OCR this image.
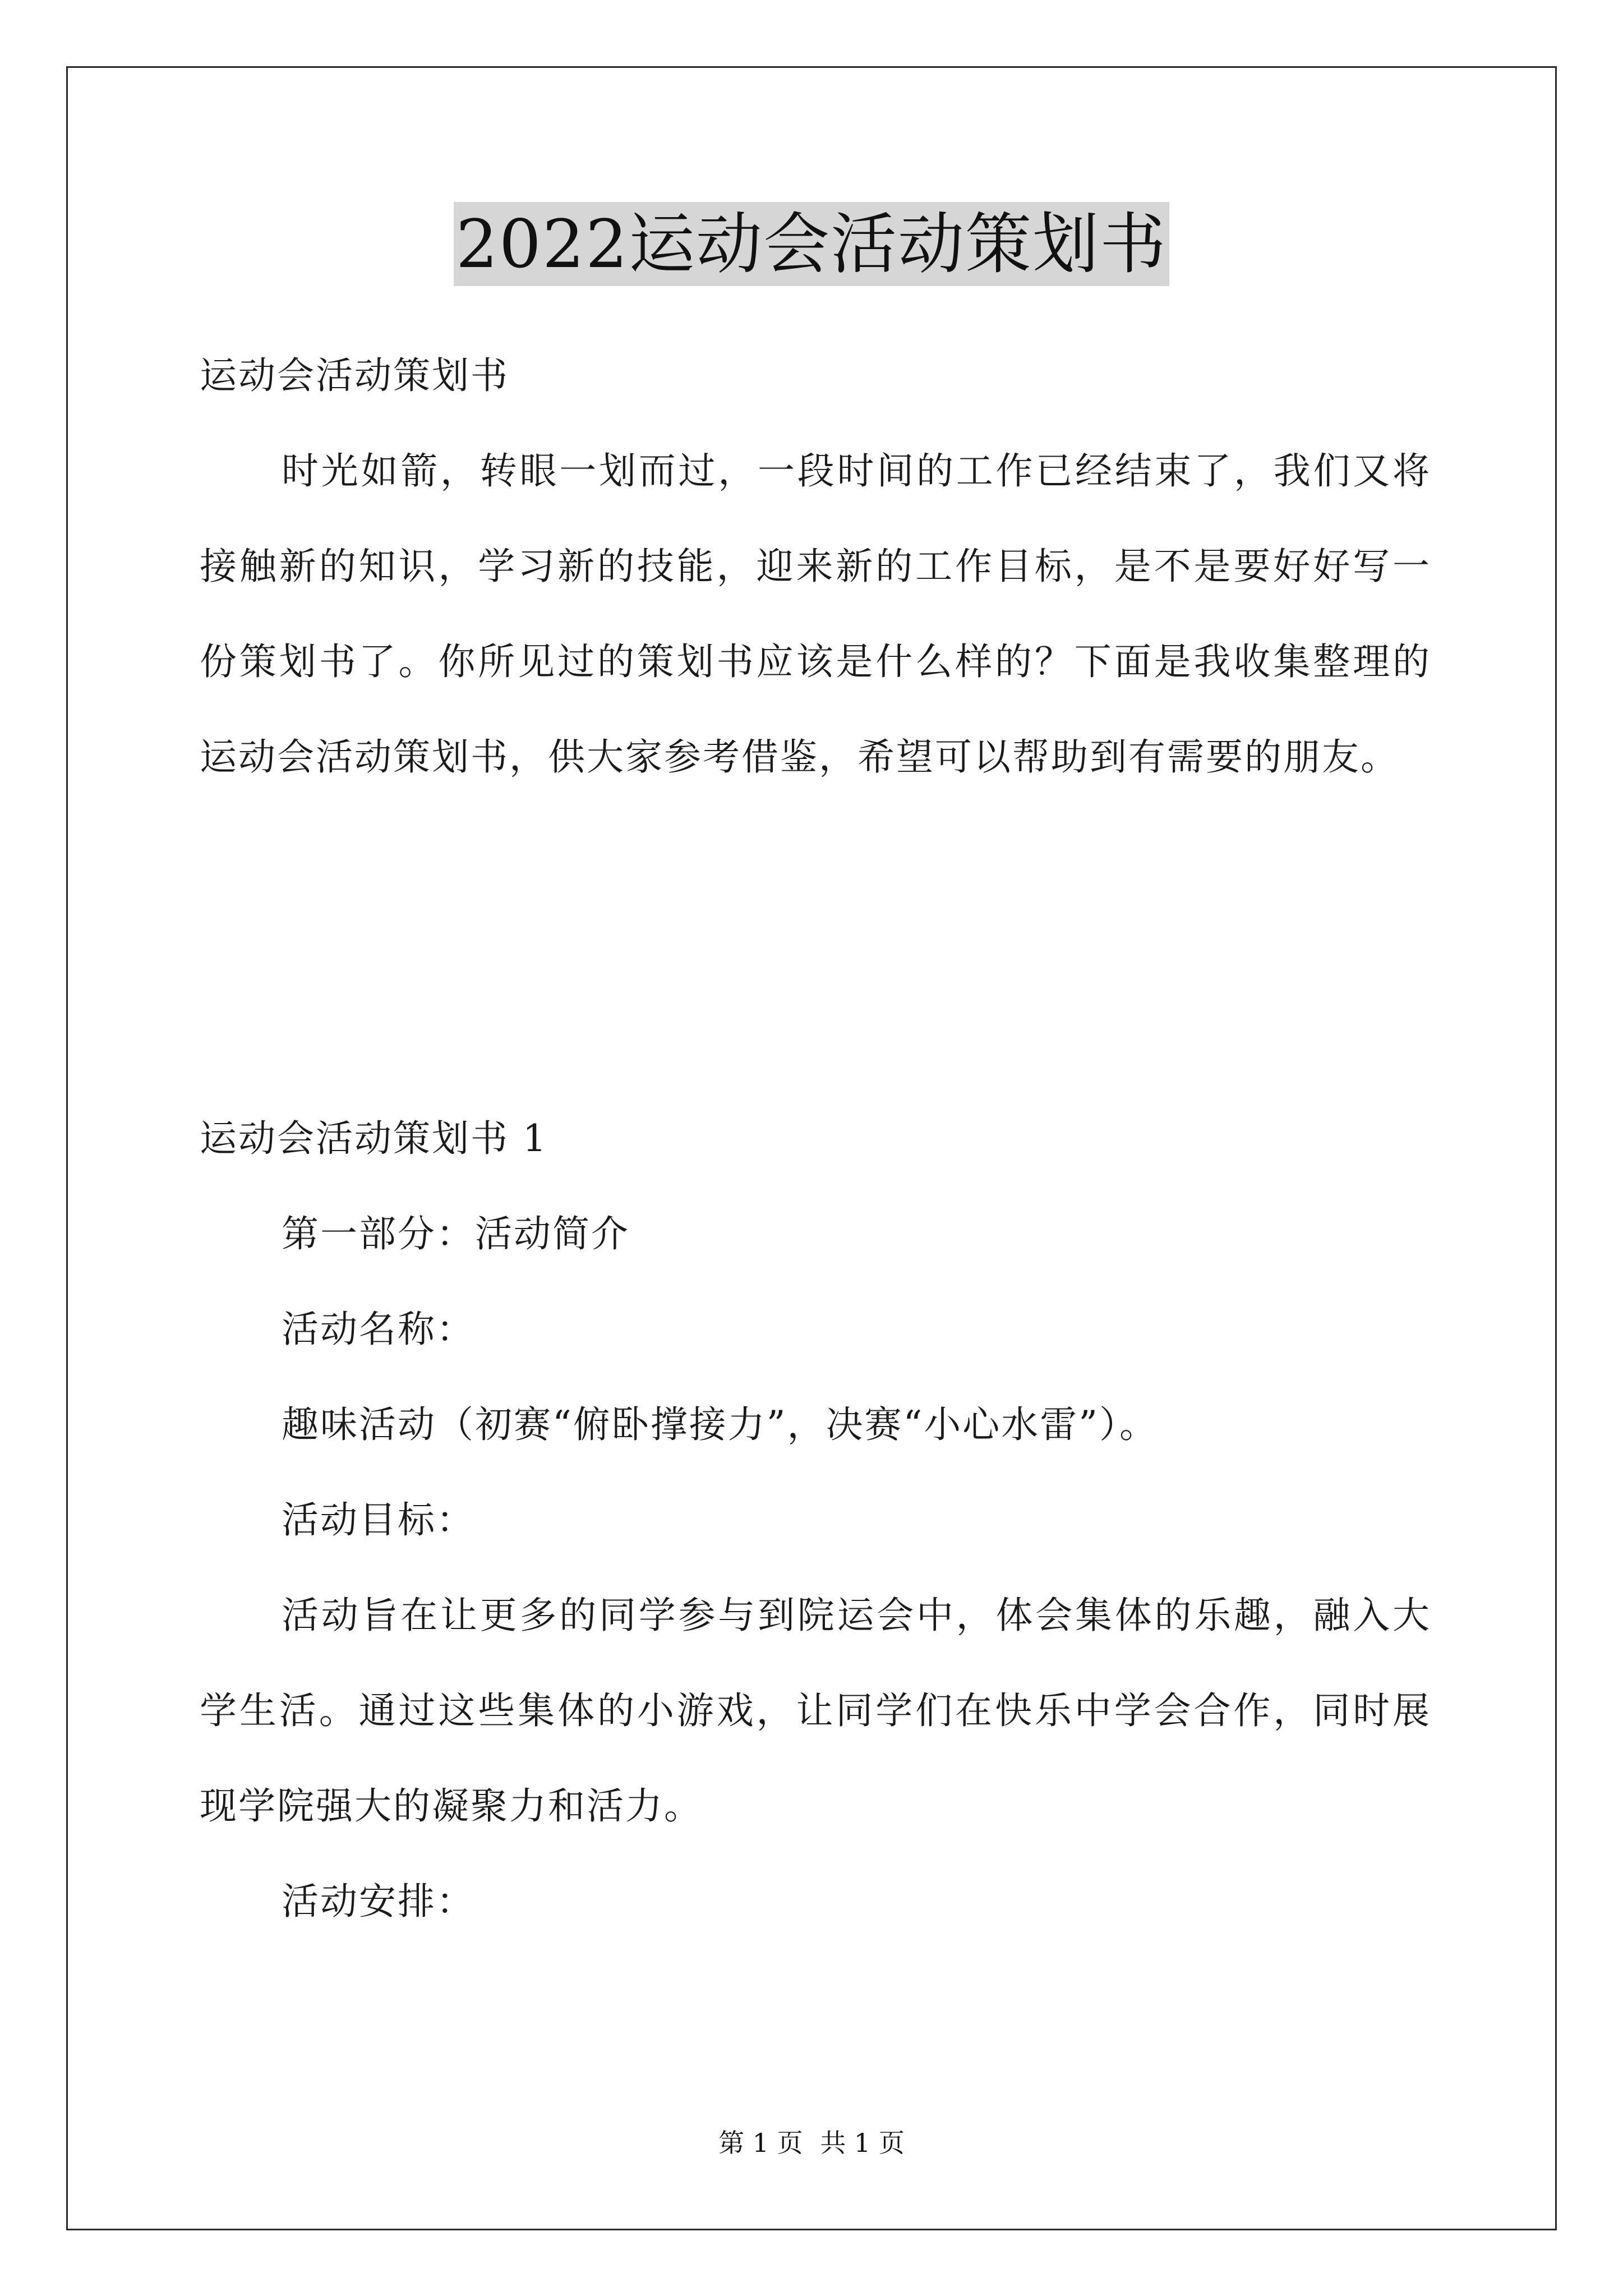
2022运动会活动策划书

运动会活动策划书

时光如箭，转眼一划而过，一段时间的工作已经结束了，我们又将接触新的知识，学习新的技能，迎来新的工作目标，是不是要好好写一份策划书了。你所见过的策划书应该是什么样的？下面是我收集整理的运动会活动策划书，供大家参考借鉴，希望可以帮助到有需要的朋友。

运动会活动策划书 1

第一部分：活动简介

活动名称：

趣味活动（初赛“俯卧撑接力”，决赛“小心水雷”）。

活动目标：

活动旨在让更多的同学参与到院运会中，体会集体的乐趣，融入大学生活。通过这些集体的小游戏，让同学们在快乐中学会合作，同时展现学院强大的凝聚力和活力。

活动安排：

第 1 页 共 1 页
